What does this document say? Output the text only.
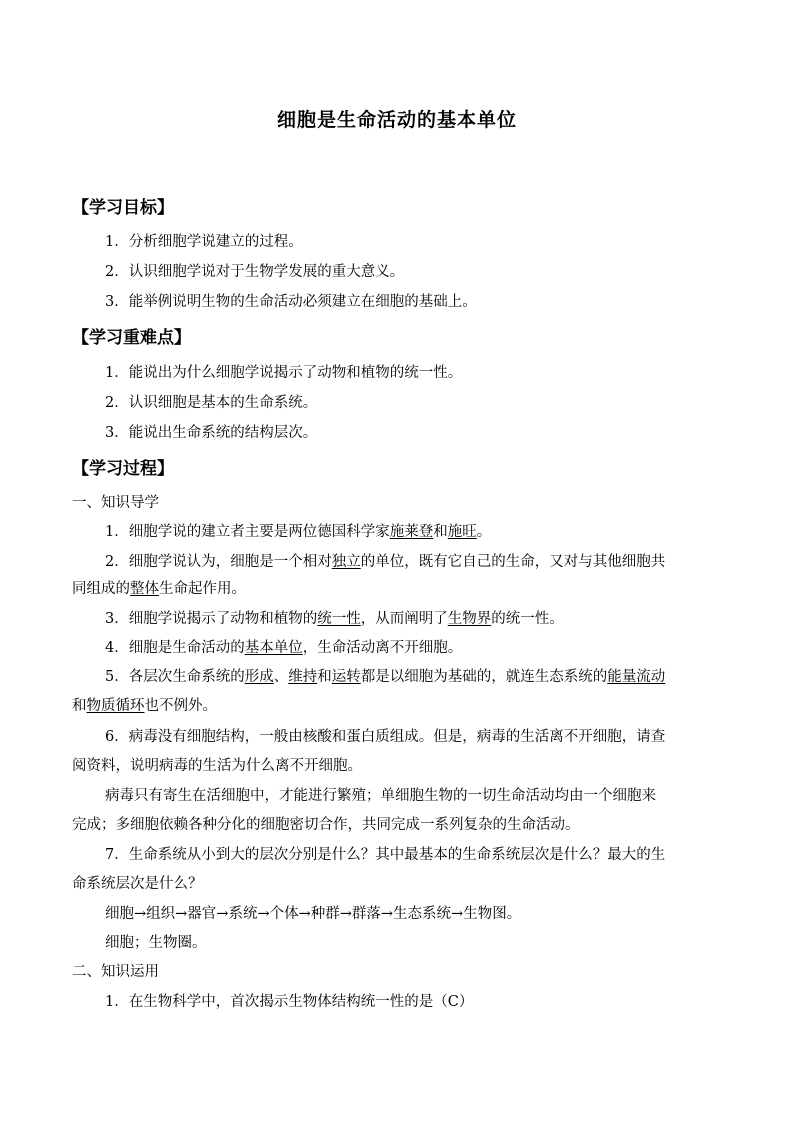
细胞是生命活动的基本单位
【学习目标】
1．分析细胞学说建立的过程。
2．认识细胞学说对于生物学发展的重大意义。
3．能举例说明生物的生命活动必须建立在细胞的基础上。
【学习重难点】
1．能说出为什么细胞学说揭示了动物和植物的统一性。
2．认识细胞是基本的生命系统。
3．能说出生命系统的结构层次。
【学习过程】
一、知识导学
1．细胞学说的建立者主要是两位德国科学家施莱登和施旺。
2．细胞学说认为，细胞是一个相对独立的单位，既有它自己的生命，又对与其他细胞共
同组成的整体生命起作用。
3．细胞学说揭示了动物和植物的统一性，从而阐明了生物界的统一性。
4．细胞是生命活动的基本单位，生命活动离不开细胞。
5．各层次生命系统的形成、维持和运转都是以细胞为基础的，就连生态系统的能量流动
和物质循环也不例外。
6．病毒没有细胞结构，一般由核酸和蛋白质组成。但是，病毒的生活离不开细胞，请查
阅资料，说明病毒的生活为什么离不开细胞。
病毒只有寄生在活细胞中，才能进行繁殖；单细胞生物的一切生命活动均由一个细胞来
完成；多细胞依赖各种分化的细胞密切合作，共同完成一系列复杂的生命活动。
7．生命系统从小到大的层次分别是什么？其中最基本的生命系统层次是什么？最大的生
命系统层次是什么？
细胞→组织→器官→系统→个体→种群→群落→生态系统→生物图。
细胞；生物圈。
二、知识运用
1．在生物科学中，首次揭示生物体结构统一性的是（C）
